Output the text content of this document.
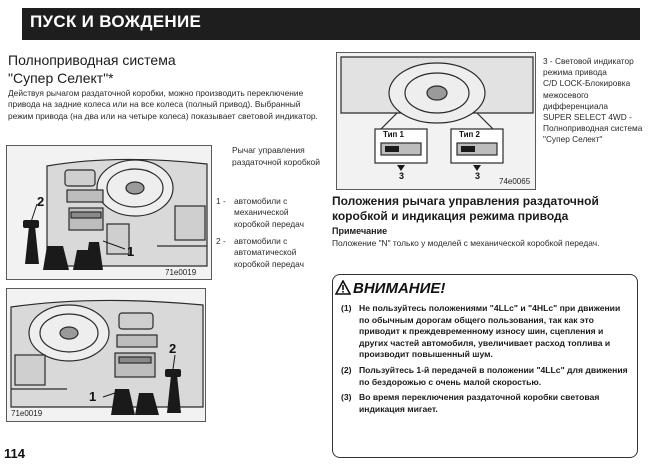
ПУСК И ВОЖДЕНИЕ
Полноприводная система
"Супер Селект"*
Действуя рычагом раздаточной коробки, можно производить переключение привода на задние колеса или на все колеса (полный привод). Выбранный режим привода (на два или на четыре колеса) показывает световой индикатор.
2
1
71e0019
Рычаг управления раздаточной коробкой
1 - автомобили с механической коробкой передач
2 - автомобили с автоматической коробкой передач
2
1
71e0019
Тип 1	Тип 2
3	3
74e0065
3 - Световой индикатор режима привода
C/D LOCK-Блокировка межосевого дифференциала
SUPER SELECT 4WD - Полноприводная система "Супер Селект"
Положения рычага управления раздаточной коробкой и индикация режима привода
Примечание
Положение "N" только у моделей с механической коробкой передач.
ВНИМАНИЕ!
(1) Не пользуйтесь положениями "4LLc" и "4HLc" при движении по обычным дорогам общего пользования, так как это приводит к преждевременному износу шин, сцепления и других частей автомобиля, увеличивает расход топлива и производит повышенный шум.
(2) Пользуйтесь 1-й передачей в положении "4LLc" для движения по бездорожью с очень малой скоростью.
(3) Во время переключения раздаточной коробки световая индикация мигает.
114
